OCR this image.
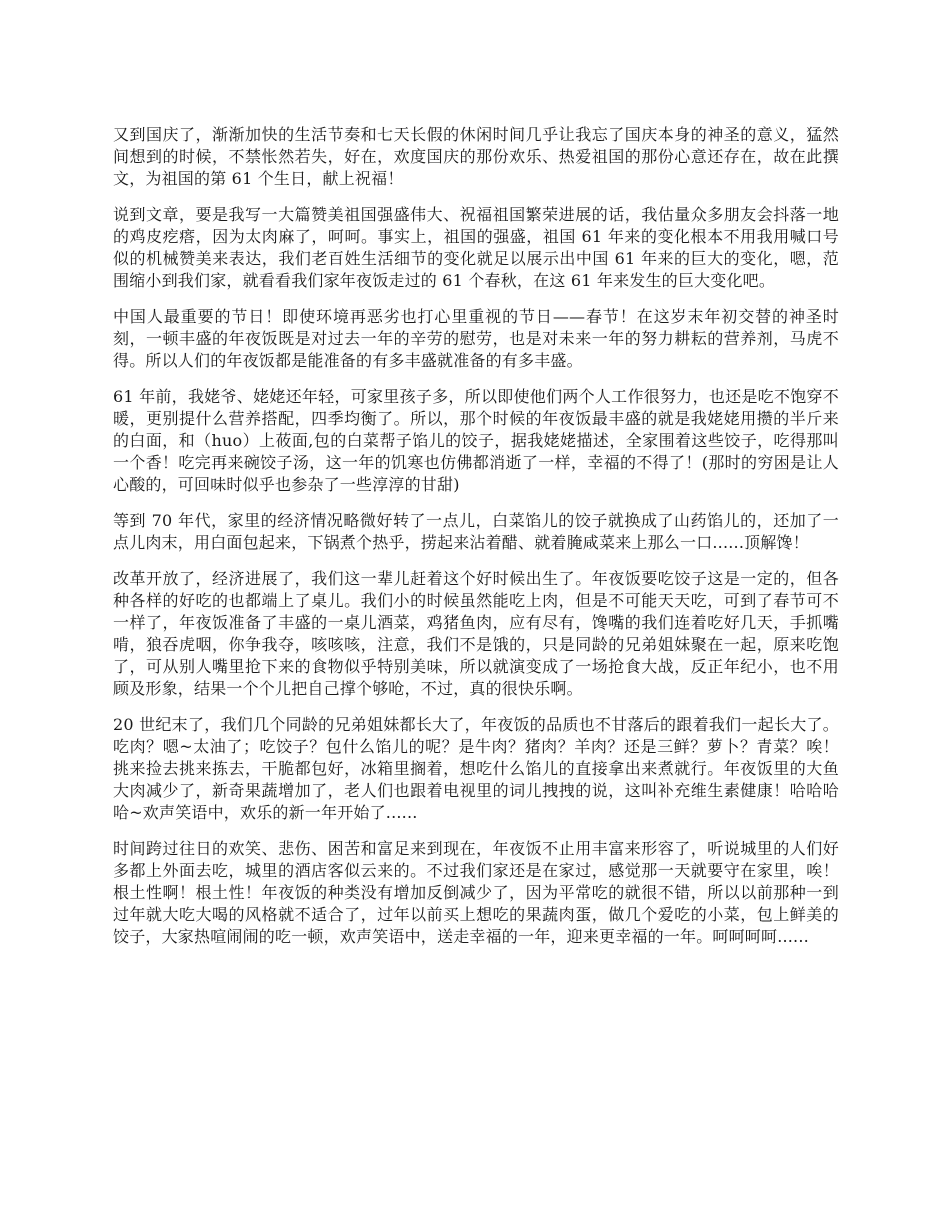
又到国庆了，渐渐加快的生活节奏和七天长假的休闲时间几乎让我忘了国庆本身的神圣的意义，猛然间想到的时候，不禁怅然若失，好在，欢度国庆的那份欢乐、热爱祖国的那份心意还存在，故在此撰文，为祖国的第 61 个生日，献上祝福！

说到文章，要是我写一大篇赞美祖国强盛伟大、祝福祖国繁荣进展的话，我估量众多朋友会抖落一地的鸡皮疙瘩，因为太肉麻了，呵呵。事实上，祖国的强盛，祖国 61 年来的变化根本不用我用喊口号似的机械赞美来表达，我们老百姓生活细节的变化就足以展示出中国 61 年来的巨大的变化，嗯，范围缩小到我们家，就看看我们家年夜饭走过的 61 个春秋，在这 61 年来发生的巨大变化吧。

中国人最重要的节日！即使环境再恶劣也打心里重视的节日——春节！在这岁末年初交替的神圣时刻，一顿丰盛的年夜饭既是对过去一年的辛劳的慰劳，也是对未来一年的努力耕耘的营养剂，马虎不得。所以人们的年夜饭都是能准备的有多丰盛就准备的有多丰盛。

61 年前，我姥爷、姥姥还年轻，可家里孩子多，所以即使他们两个人工作很努力，也还是吃不饱穿不暖，更别提什么营养搭配，四季均衡了。所以，那个时候的年夜饭最丰盛的就是我姥姥用攒的半斤来的白面，和（huo）上莜面,包的白菜帮子馅儿的饺子，据我姥姥描述，全家围着这些饺子，吃得那叫一个香！吃完再来碗饺子汤，这一年的饥寒也仿佛都消逝了一样，幸福的不得了！(那时的穷困是让人心酸的，可回味时似乎也参杂了一些淳淳的甘甜)

等到 70 年代，家里的经济情况略微好转了一点儿，白菜馅儿的饺子就换成了山药馅儿的，还加了一点儿肉末，用白面包起来，下锅煮个热乎，捞起来沾着醋、就着腌咸菜来上那么一口......顶解馋！

改革开放了，经济进展了，我们这一辈儿赶着这个好时候出生了。年夜饭要吃饺子这是一定的，但各种各样的好吃的也都端上了桌儿。我们小的时候虽然能吃上肉，但是不可能天天吃，可到了春节可不一样了，年夜饭准备了丰盛的一桌儿酒菜，鸡猪鱼肉，应有尽有，馋嘴的我们连着吃好几天，手抓嘴啃，狼吞虎咽，你争我夺，咳咳咳，注意，我们不是饿的，只是同龄的兄弟姐妹聚在一起，原来吃饱了，可从别人嘴里抢下来的食物似乎特别美味，所以就演变成了一场抢食大战，反正年纪小，也不用顾及形象，结果一个个儿把自己撑个够呛，不过，真的很快乐啊。

20 世纪末了，我们几个同龄的兄弟姐妹都长大了，年夜饭的品质也不甘落后的跟着我们一起长大了。吃肉？嗯~太油了；吃饺子？包什么馅儿的呢？是牛肉？猪肉？羊肉？还是三鲜？萝卜？青菜？唉！挑来捡去挑来拣去，干脆都包好，冰箱里搁着，想吃什么馅儿的直接拿出来煮就行。年夜饭里的大鱼大肉减少了，新奇果蔬增加了，老人们也跟着电视里的词儿拽拽的说，这叫补充维生素健康！哈哈哈哈~欢声笑语中，欢乐的新一年开始了......

时间跨过往日的欢笑、悲伤、困苦和富足来到现在，年夜饭不止用丰富来形容了，听说城里的人们好多都上外面去吃，城里的酒店客似云来的。不过我们家还是在家过，感觉那一天就要守在家里，唉！根土性啊！根土性！年夜饭的种类没有增加反倒减少了，因为平常吃的就很不错，所以以前那种一到过年就大吃大喝的风格就不适合了，过年以前买上想吃的果蔬肉蛋，做几个爱吃的小菜，包上鲜美的饺子，大家热喧闹闹的吃一顿，欢声笑语中，送走幸福的一年，迎来更幸福的一年。呵呵呵呵......
